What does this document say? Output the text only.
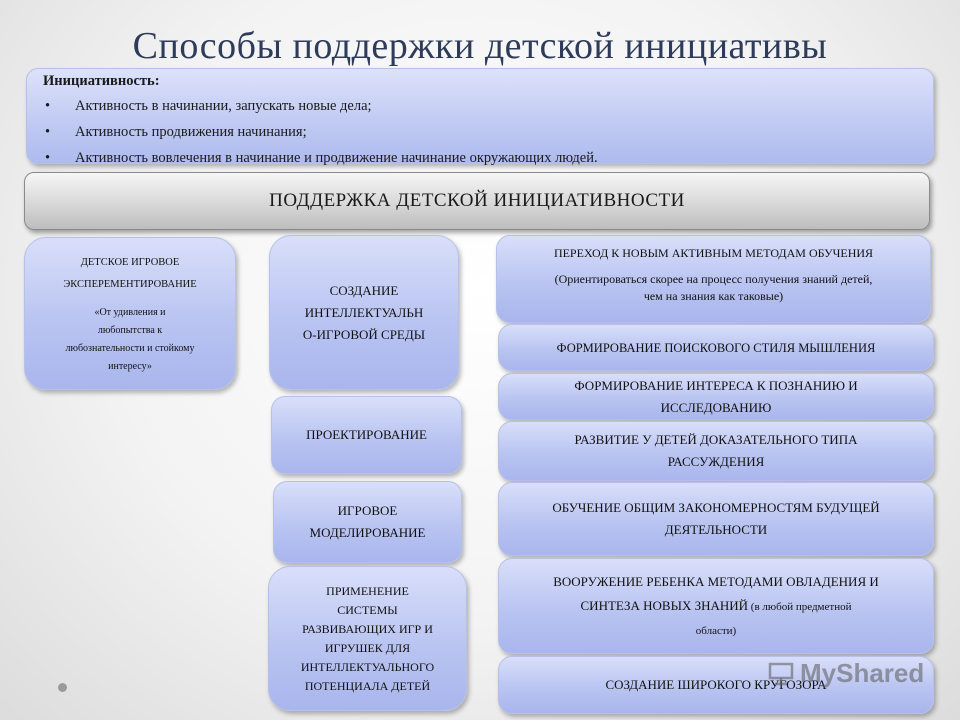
Способы поддержки детской инициативы
Инициативность:
• Активность в начинании, запускать новые дела;
• Активность продвижения начинания;
• Активность вовлечения в начинание и продвижение начинание окружающих людей.
ПОДДЕРЖКА ДЕТСКОЙ ИНИЦИАТИВНОСТИ
ДЕТСКОЕ ИГРОВОЕ
ЭКСПЕРЕМЕНТИРОВАНИЕ
«От удивления и
любопытства к
любознательности и стойкому
интересу»
СОЗДАНИЕ
ИНТЕЛЛЕКТУАЛЬН
О-ИГРОВОЙ СРЕДЫ
ПРОЕКТИРОВАНИЕ
ИГРОВОЕ
МОДЕЛИРОВАНИЕ
ПРИМЕНЕНИЕ
СИСТЕМЫ
РАЗВИВАЮЩИХ ИГР И
ИГРУШЕК ДЛЯ
ИНТЕЛЛЕКТУАЛЬНОГО
ПОТЕНЦИАЛА ДЕТЕЙ
ПЕРЕХОД К НОВЫМ АКТИВНЫМ МЕТОДАМ ОБУЧЕНИЯ
(Ориентироваться скорее на процесс получения знаний детей,
чем на знания как таковые)
ФОРМИРОВАНИЕ ПОИСКОВОГО СТИЛЯ МЫШЛЕНИЯ
ФОРМИРОВАНИЕ ИНТЕРЕСА К ПОЗНАНИЮ И
ИССЛЕДОВАНИЮ
РАЗВИТИЕ У ДЕТЕЙ ДОКАЗАТЕЛЬНОГО ТИПА
РАССУЖДЕНИЯ
ОБУЧЕНИЕ ОБЩИМ ЗАКОНОМЕРНОСТЯМ БУДУЩЕЙ
ДЕЯТЕЛЬНОСТИ
ВООРУЖЕНИЕ РЕБЕНКА МЕТОДАМИ ОВЛАДЕНИЯ И
СИНТЕЗА НОВЫХ ЗНАНИЙ (в любой предметной
области)
СОЗДАНИЕ ШИРОКОГО КРУГОЗОРА
MyShared
